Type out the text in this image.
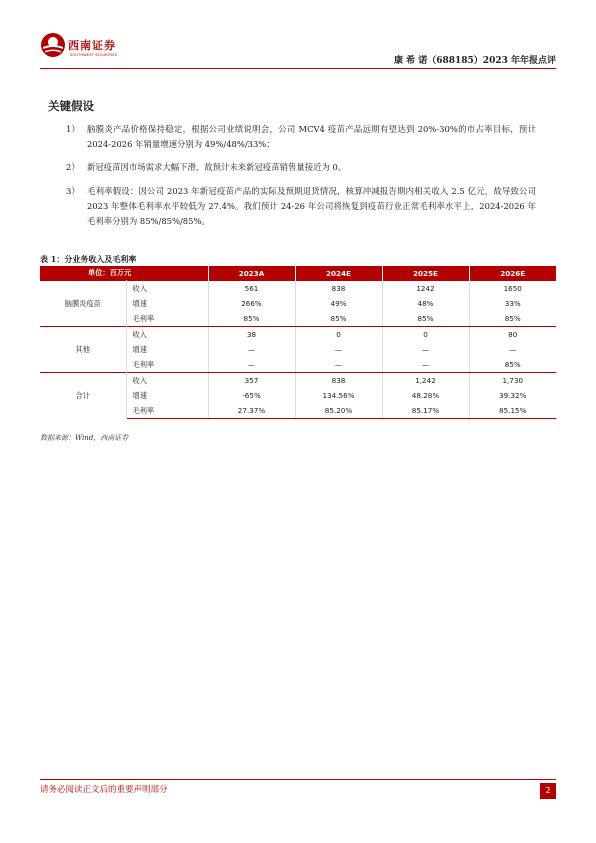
西南证券
SOUTHWEST SECURITIES
康 希 诺（688185）2023 年年报点评
关键假设
1） 脑膜炎产品价格保持稳定，根据公司业绩说明会，公司 MCV4 疫苗产品远期有望达到 20%-30%的市占率目标，预计 2024-2026 年销量增速分别为 49%/48%/33%；
2） 新冠疫苗因市场需求大幅下滑，故预计未来新冠疫苗销售量接近为 0。
3） 毛利率假设：因公司 2023 年新冠疫苗产品的实际及预期退货情况，核算冲减报告期内相关收入 2.5 亿元，故导致公司 2023 年整体毛利率水平较低为 27.4%。我们预计 24-26 年公司将恢复到疫苗行业正常毛利率水平上，2024-2026 年毛利率分别为 85%/85%/85%。
表 1：分业务收入及毛利率
单位：百万元		2023A	2024E	2025E	2026E
脑膜炎疫苗	收入	561	838	1242	1650
	增速	266%	49%	48%	33%
	毛利率	85%	85%	85%	85%
其他	收入	38	0	0	80
	增速	—	—	—	—
	毛利率	—	—	—	85%
合计	收入	357	838	1,242	1,730
	增速	-65%	134.56%	48.28%	39.32%
	毛利率	27.37%	85.20%	85.17%	85.15%
数据来源：Wind，西南证券
请务必阅读正文后的重要声明部分	2
